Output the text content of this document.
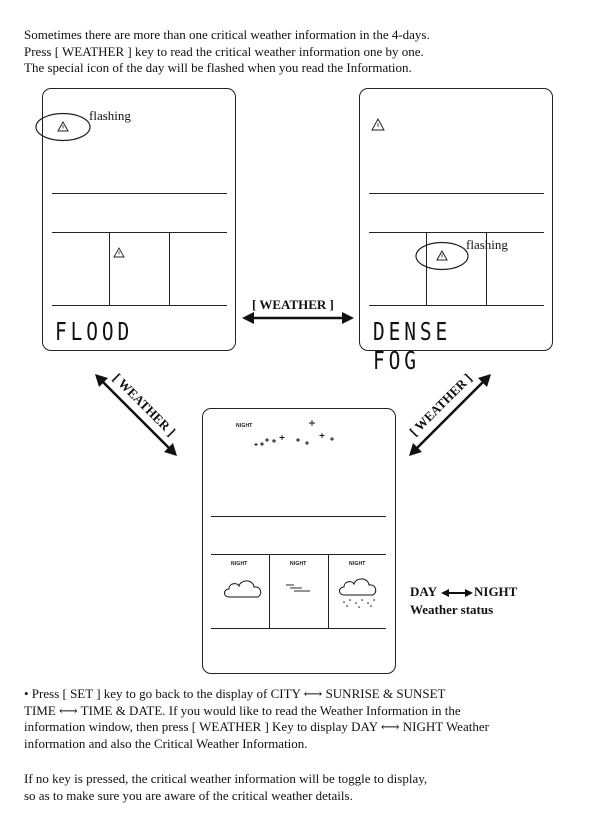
Sometimes there are more than one critical weather information in the 4-days.
Press [ WEATHER ] key to read the critical weather information one by one.
The special icon of the day will be flashed when you read the Information.
FLOOD
flashing
DENSE FOG
flashing
[ WEATHER ]
[ WEATHER ]	[ WEATHER ]
NIGHT
NIGHT	NIGHT	NIGHT
DAY	NIGHT
Weather status
• Press [ SET ] key to go back to the display of CITY ⟷ SUNRISE & SUNSET
TIME ⟷ TIME & DATE. If you would like to read the Weather Information in the
information window, then press [ WEATHER ] Key to display DAY ⟷ NIGHT Weather
information and also the Critical Weather Information.
If no key is pressed, the critical weather information will be toggle to display,
so as to make sure you are aware of the critical weather details.
